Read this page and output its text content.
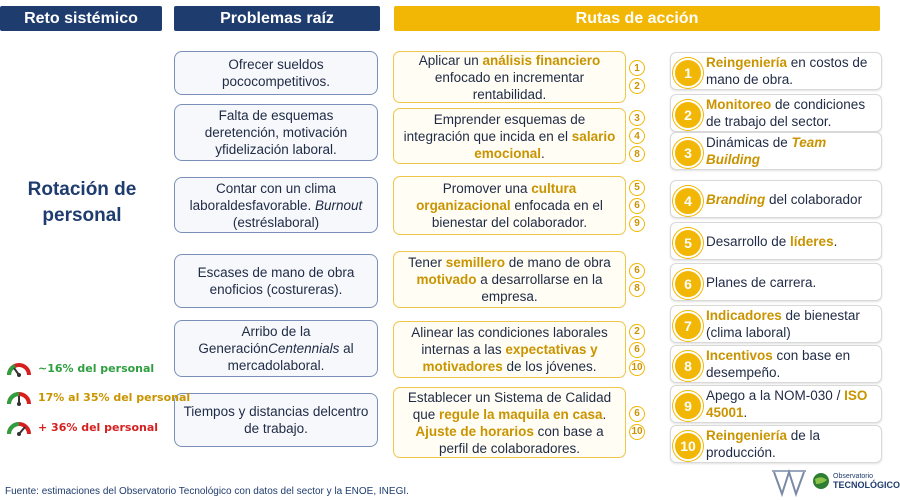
Reto sistémico	Problemas raíz	Rutas de acción
Rotación de
personal
Ofrecer sueldos pococompetitivos.
Falta de esquemas deretención, motivación yfidelización laboral.
Contar con un clima laboraldesfavorable. Burnout (estréslaboral)
Escases de mano de obra enoficios (costureras).
Arribo de la GeneraciónCentennials al mercadolaboral.
Tiempos y distancias delcentro de trabajo.
Aplicar un análisis financiero enfocado en incrementar rentabilidad.
1
2
Emprender esquemas de integración que incida en el salario emocional.
3
4
8
Promover una cultura organizacional enfocada en el bienestar del colaborador.
5
6
9
Tener semillero de mano de obra motivado a desarrollarse en la empresa.
6
8
Alinear las condiciones laborales internas a las expectativas y motivadores de los jóvenes.
2
6
10
Establecer un Sistema de Calidad que regule la maquila en casa. Ajuste de horarios con base a perfil de colaboradores.
6
10
1
Reingeniería en costos de mano de obra.
2
Monitoreo de condiciones de trabajo del sector.
3
Dinámicas de Team Building
4	Branding del colaborador
5	Desarrollo de líderes.
6	Planes de carrera.
7
Indicadores de bienestar (clima laboral)
8
Incentivos con base en desempeño.
9
Apego a la NOM-030 / ISO 45001.
10
Reingeniería de la producción.
~16% del personal
17% al 35% del personal
+ 36% del personal
Fuente: estimaciones del Observatorio Tecnológico con datos del sector y la ENOE, INEGI.
Observatorio
TECNOLÓGICO
